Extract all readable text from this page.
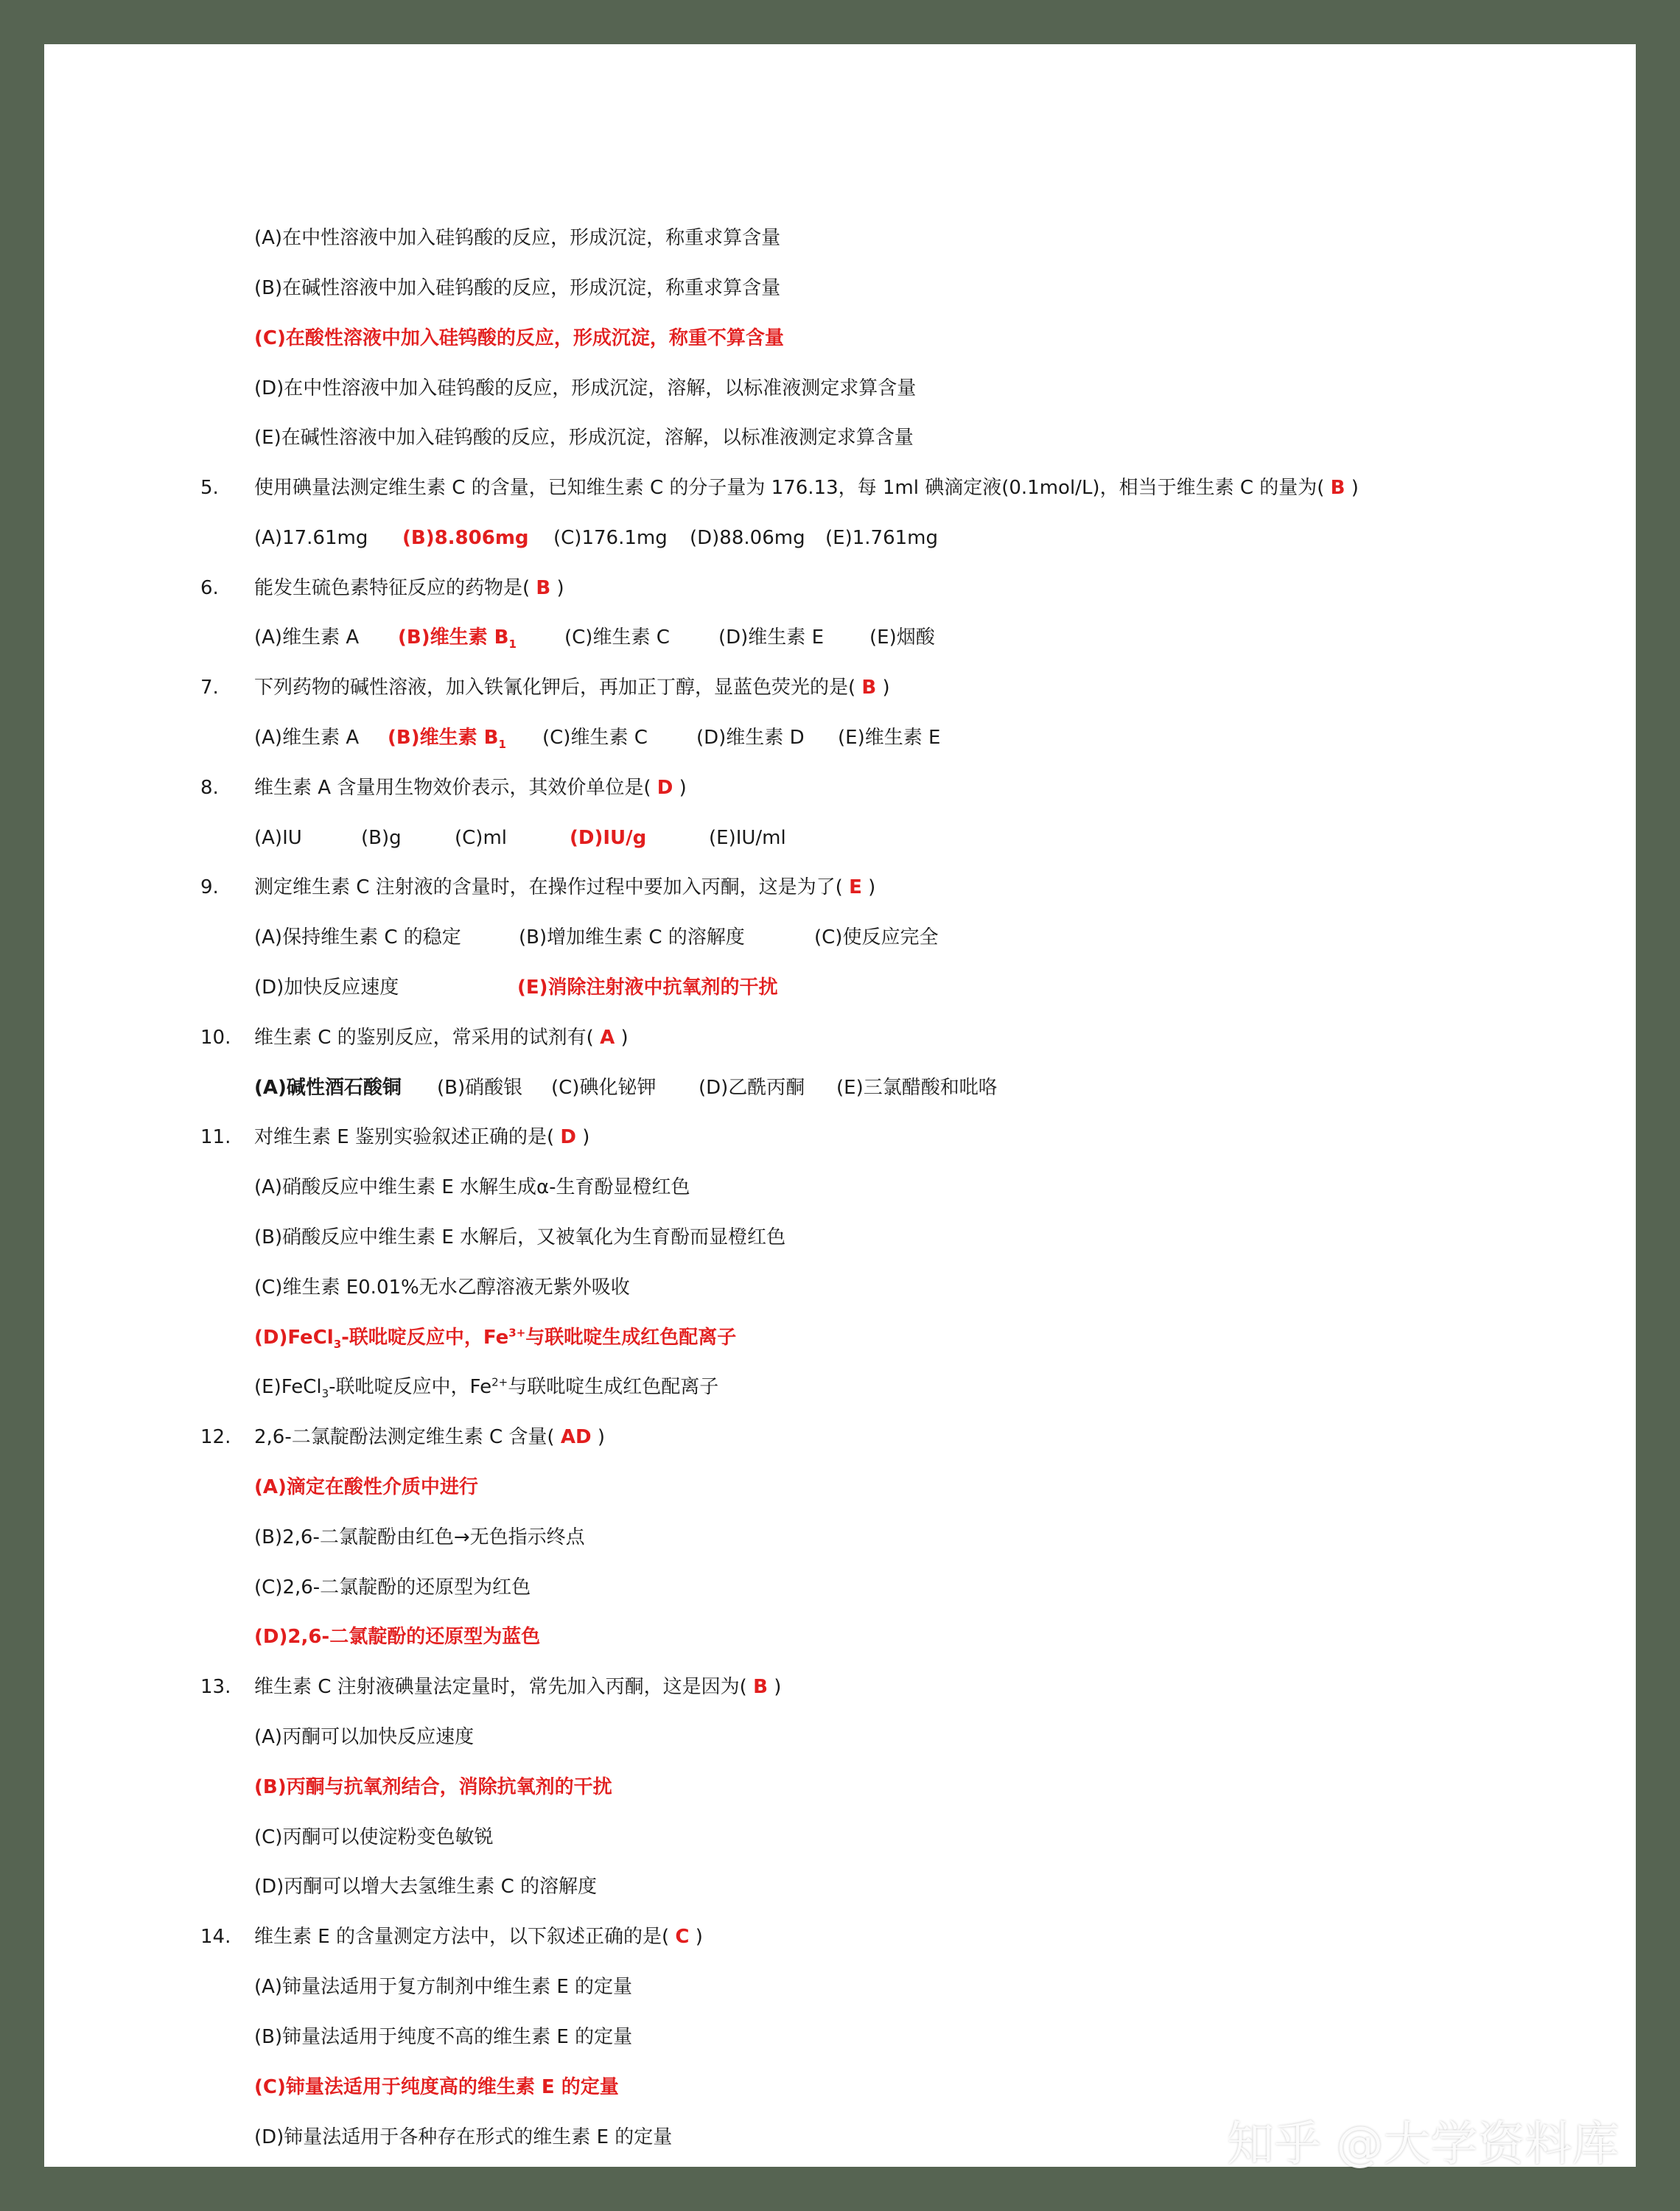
(A)在中性溶液中加入硅钨酸的反应，形成沉淀，称重求算含量
(B)在碱性溶液中加入硅钨酸的反应，形成沉淀，称重求算含量
(C)在酸性溶液中加入硅钨酸的反应，形成沉淀，称重不算含量
(D)在中性溶液中加入硅钨酸的反应，形成沉淀，溶解，以标准液测定求算含量
(E)在碱性溶液中加入硅钨酸的反应，形成沉淀，溶解，以标准液测定求算含量
5. 使用碘量法测定维生素 C 的含量，已知维生素 C 的分子量为 176.13，每 1ml 碘滴定液(0.1mol/L)，相当于维生素 C 的量为( B )
(A)17.61mg (B)8.806mg (C)176.1mg (D)88.06mg (E)1.761mg
6. 能发生硫色素特征反应的药物是( B )
(A)维生素 A (B)维生素 $B_1$	(C)维生素 C	(D)维生素 E (E)烟酸
7. 下列药物的碱性溶液，加入铁氰化钾后，再加正丁醇，显蓝色荧光的是( B )
(A)维生素 A (B)维生素 $B_1$ (C)维生素 C	(D)维生素 D (E)维生素 E
8. 维生素 A 含量用生物效价表示，其效价单位是( D )
(A)IU	(B)g	(C)ml	(D)IU/g	(E)IU/ml
9. 测定维生素 C 注射液的含量时，在操作过程中要加入丙酮，这是为了( E )
(A)保持维生素 C 的稳定	(B)增加维生素 C 的溶解度	(C)使反应完全
(D)加快反应速度	(E)消除注射液中抗氧剂的干扰
10. 维生素 C 的鉴别反应，常采用的试剂有( A )
(A)碱性酒石酸铜 (B)硝酸银 (C)碘化铋钾 (D)乙酰丙酮 (E)三氯醋酸和吡咯
11. 对维生素 E 鉴别实验叙述正确的是( D )
(A)硝酸反应中维生素 E 水解生成α-生育酚显橙红色
(B)硝酸反应中维生素 E 水解后，又被氧化为生育酚而显橙红色
(C)维生素 E0.01%无水乙醇溶液无紫外吸收
(D)FeCl$_3$-联吡啶反应中，$Fe^{3+}$与联吡啶生成红色配离子
(E)FeCl$_3$-联吡啶反应中，$Fe^{2+}$与联吡啶生成红色配离子
12. 2,6-二氯靛酚法测定维生素 C 含量( AD )
(A)滴定在酸性介质中进行
(B)2,6-二氯靛酚由红色→无色指示终点
(C)2,6-二氯靛酚的还原型为红色
(D)2,6-二氯靛酚的还原型为蓝色
13. 维生素 C 注射液碘量法定量时，常先加入丙酮，这是因为( B )
(A)丙酮可以加快反应速度
(B)丙酮与抗氧剂结合，消除抗氧剂的干扰
(C)丙酮可以使淀粉变色敏锐
(D)丙酮可以增大去氢维生素 C 的溶解度
14. 维生素 E 的含量测定方法中，以下叙述正确的是( C )
(A)铈量法适用于复方制剂中维生素 E 的定量
(B)铈量法适用于纯度不高的维生素 E 的定量
(C)铈量法适用于纯度高的维生素 E 的定量
(D)铈量法适用于各种存在形式的维生素 E 的定量	知乎 @大学资料库
